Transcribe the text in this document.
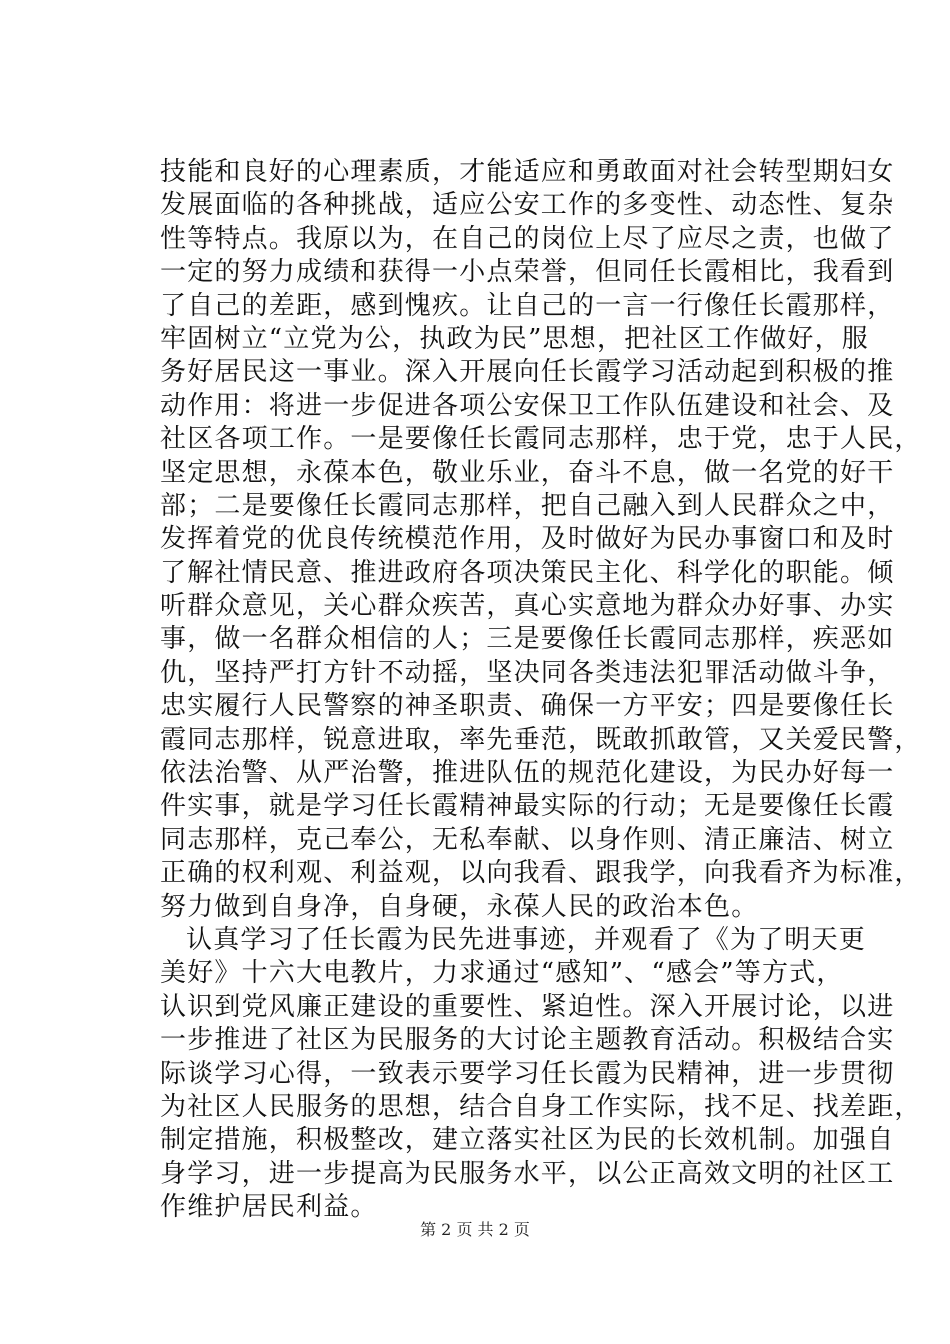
技能和良好的心理素质，才能适应和勇敢面对社会转型期妇女
发展面临的各种挑战，适应公安工作的多变性、动态性、复杂
性等特点。我原以为，在自己的岗位上尽了应尽之责，也做了
一定的努力成绩和获得一小点荣誉，但同任长霞相比，我看到
了自己的差距，感到愧疚。让自己的一言一行像任长霞那样，
牢固树立“立党为公，执政为民”思想，把社区工作做好，服
务好居民这一事业。深入开展向任长霞学习活动起到积极的推
动作用：将进一步促进各项公安保卫工作队伍建设和社会、及
社区各项工作。一是要像任长霞同志那样，忠于党，忠于人民，
坚定思想，永葆本色，敬业乐业，奋斗不息，做一名党的好干
部；二是要像任长霞同志那样，把自己融入到人民群众之中，
发挥着党的优良传统模范作用，及时做好为民办事窗口和及时
了解社情民意、推进政府各项决策民主化、科学化的职能。倾
听群众意见，关心群众疾苦，真心实意地为群众办好事、办实
事，做一名群众相信的人；三是要像任长霞同志那样，疾恶如
仇，坚持严打方针不动摇，坚决同各类违法犯罪活动做斗争，
忠实履行人民警察的神圣职责、确保一方平安；四是要像任长
霞同志那样，锐意进取，率先垂范，既敢抓敢管，又关爱民警，
依法治警、从严治警，推进队伍的规范化建设，为民办好每一
件实事，就是学习任长霞精神最实际的行动；无是要像任长霞
同志那样，克己奉公，无私奉献、以身作则、清正廉洁、树立
正确的权利观、利益观，以向我看、跟我学，向我看齐为标准，
努力做到自身净，自身硬，永葆人民的政治本色。
认真学习了任长霞为民先进事迹，并观看了《为了明天更
美好》十六大电教片，力求通过“感知”、“感会”等方式，
认识到党风廉正建设的重要性、紧迫性。深入开展讨论，以进
一步推进了社区为民服务的大讨论主题教育活动。积极结合实
际谈学习心得，一致表示要学习任长霞为民精神，进一步贯彻
为社区人民服务的思想，结合自身工作实际，找不足、找差距，
制定措施，积极整改，建立落实社区为民的长效机制。加强自
身学习，进一步提高为民服务水平，以公正高效文明的社区工
作维护居民利益。
第 2 页 共 2 页
